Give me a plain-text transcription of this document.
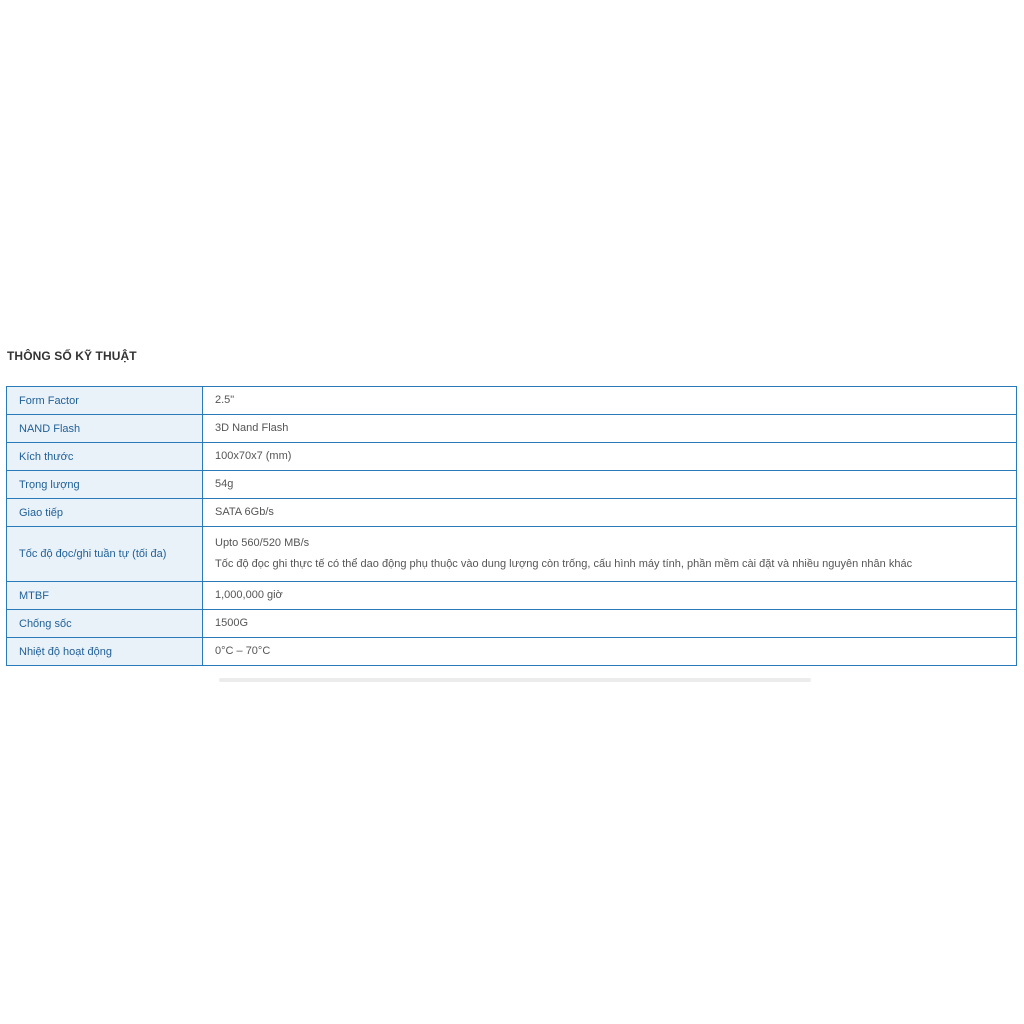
THÔNG SỐ KỸ THUẬT
Form Factor	2.5"

NAND Flash	3D Nand Flash

Kích thước	100x70x7 (mm)

Trọng lượng	54g

Giao tiếp	SATA 6Gb/s

Tốc độ đọc/ghi tuần tự (tối đa)	Upto 560/520 MB/s
Tốc độ đọc ghi thực tế có thể dao động phụ thuộc vào dung lượng còn trống, cấu hình máy tính, phần mềm cài đặt và nhiều nguyên nhân khác

MTBF	1,000,000 giờ

Chống sốc	1500G

Nhiệt độ hoạt động	0°C – 70°C
